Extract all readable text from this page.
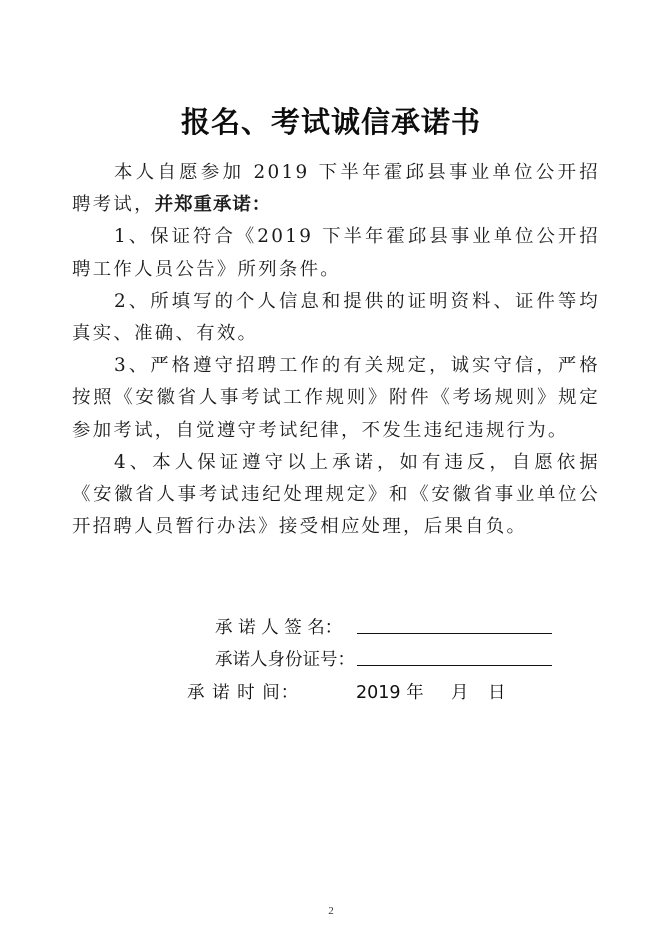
报名、考试诚信承诺书

本人自愿参加 2019 下半年霍邱县事业单位公开招聘考试，并郑重承诺：

1、保证符合《2019 下半年霍邱县事业单位公开招聘工作人员公告》所列条件。

2、所填写的个人信息和提供的证明资料、证件等均真实、准确、有效。

3、严格遵守招聘工作的有关规定，诚实守信，严格按照《安徽省人事考试工作规则》附件《考场规则》规定参加考试，自觉遵守考试纪律，不发生违纪违规行为。

4、本人保证遵守以上承诺，如有违反，自愿依据《安徽省人事考试违纪处理规定》和《安徽省事业单位公开招聘人员暂行办法》接受相应处理，后果自负。

承 诺 人 签 名：
承诺人身份证号：
承 诺 时 间：	2019 年 月 日
2
